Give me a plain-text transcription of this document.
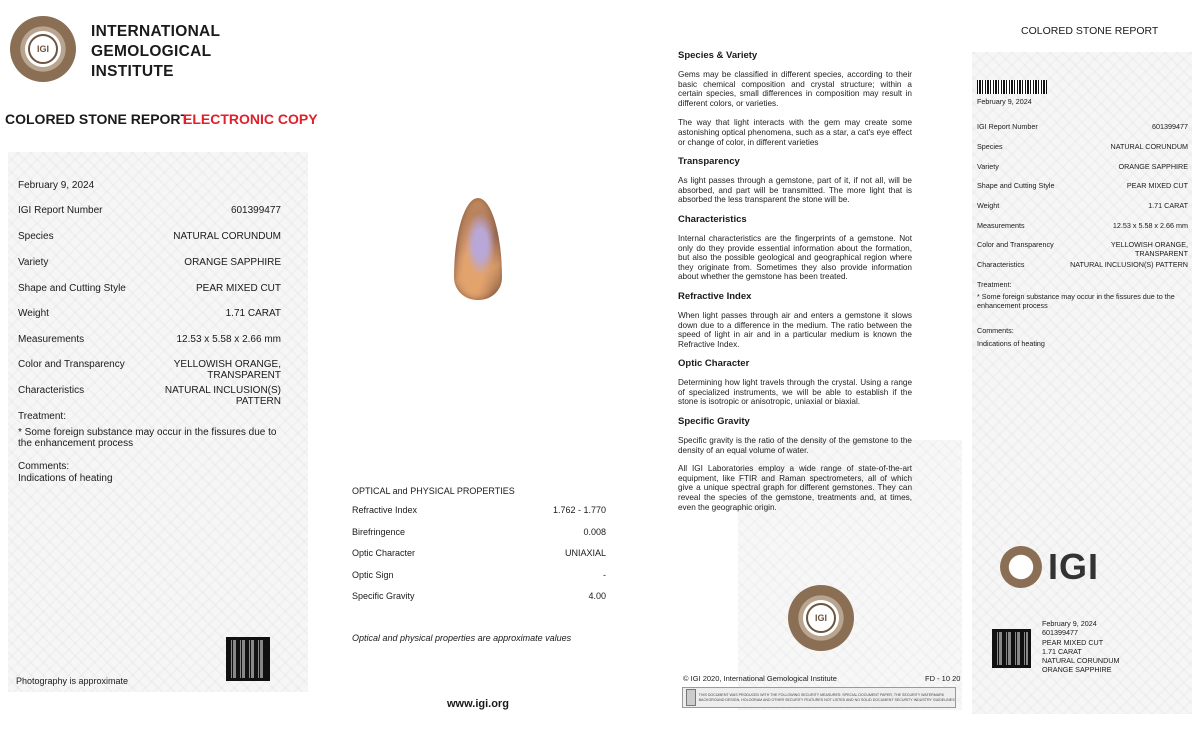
IGI
INTERNATIONAL
GEMOLOGICAL
INSTITUTE
COLORED STONE REPORT
ELECTRONIC COPY
February 9, 2024
IGI Report Number	601399477
Species	NATURAL CORUNDUM
Variety	ORANGE SAPPHIRE
Shape and Cutting Style	PEAR MIXED CUT
Weight	1.71 CARAT
Measurements	12.53 x 5.58 x 2.66 mm
Color and Transparency	YELLOWISH ORANGE, TRANSPARENT
Characteristics	NATURAL INCLUSION(S) PATTERN
Treatment:
* Some foreign substance may occur in the fissures due to the enhancement process
Comments:
Indications of heating
Photography is approximate
OPTICAL and PHYSICAL PROPERTIES
Refractive Index	1.762 - 1.770
Birefringence	0.008
Optic Character	UNIAXIAL
Optic Sign	-
Specific Gravity	4.00
Optical and physical properties are approximate values
www.igi.org
Species & Variety
Gems may be classified in different species, according to their basic chemical composition and crystal structure; within a certain species, small differences in composition may result in different colors, or varieties.
The way that light interacts with the gem may create some astonishing optical phenomena, such as a star, a cat's eye effect or change of color, in different varieties
Transparency
As light passes through a gemstone, part of it, if not all, will be absorbed, and part will be transmitted. The more light that is absorbed the less transparent the stone will be.
Characteristics
Internal characteristics are the fingerprints of a gemstone. Not only do they provide essential information about the formation, but also the possible geological and geographical region where they originate from. Sometimes they also provide information about whether the gemstone has been treated.
Refractive Index
When light passes through air and enters a gemstone it slows down due to a difference in the medium. The ratio between the speed of light in air and in a particular medium is known the Refractive Index.
Optic Character
Determining how light travels through the crystal. Using a range of specialized instruments, we will be able to establish if the stone is isotropic or anisotropic, uniaxial or biaxial.
Specific Gravity
Specific gravity is the ratio of the density of the gemstone to the density of an equal volume of water.
All IGI Laboratories employ a wide range of state-of-the-art equipment, like FTIR and Raman spectrometers, all of which give a unique spectral graph for different gemstones. They can reveal the species of the gemstone, treatments and, at times, even the geographic origin.
IGI
© IGI 2020, International Gemological Institute	FD - 10 20
THIS DOCUMENT WAS PRODUCED WITH THE FOLLOWING SECURITY MEASURES: SPECIAL DOCUMENT PAPER, THE SECURITY WATERMARK BACKGROUND DESIGN, HOLOGRAM AND OTHER SECURITY FEATURES NOT LISTED AND NO SOLID DOCUMENT SECURITY INDUSTRY GUIDELINES
COLORED STONE REPORT
February 9, 2024
IGI Report Number	601399477
Species	NATURAL CORUNDUM
Variety	ORANGE SAPPHIRE
Shape and Cutting Style	PEAR MIXED CUT
Weight	1.71 CARAT
Measurements	12.53 x 5.58 x 2.66 mm
Color and Transparency	YELLOWISH ORANGE, TRANSPARENT
Characteristics	NATURAL INCLUSION(S) PATTERN
Treatment:
* Some foreign substance may occur in the fissures due to the enhancement process
Comments:
Indications of heating
IGI
February 9, 2024
601399477
PEAR MIXED CUT
1.71 CARAT
NATURAL CORUNDUM
ORANGE SAPPHIRE
